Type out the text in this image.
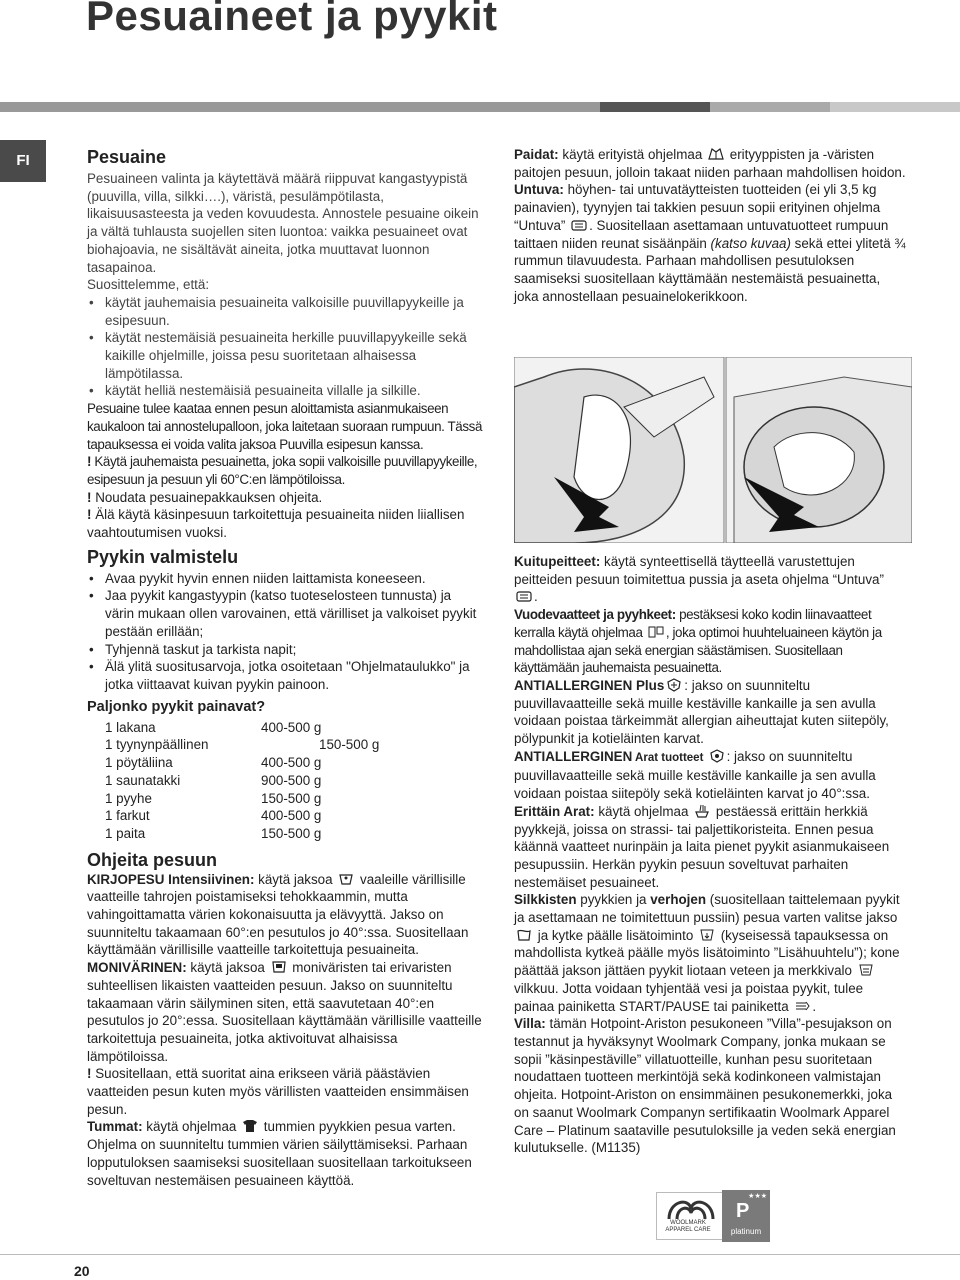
Pesuaineet ja pyykit
FI	Pesuaine

Pesuaineen valinta ja käytettävä määrä riippuvat kangastyypistä (puuvilla, villa, silkki….), väristä, pesulämpötilasta, likaisuusasteesta ja veden kovuudesta. Annostele pesuaine oikein ja vältä tuhlausta suojellen siten luontoa: vaikka pesuaineet ovat biohajoavia, ne sisältävät aineita, jotka muuttavat luonnon tasapainoa.

Suosittelemme, että:

• käytät jauhemaisia pesuaineita valkoisille puuvillapyykeille ja esipesuun.
• käytät nestemäisiä pesuaineita herkille puuvillapyykeille sekä kaikille ohjelmille, joissa pesu suoritetaan alhaisessa lämpötilassa.
• käytät helliä nestemäisiä pesuaineita villalle ja silkille.

Pesuaine tulee kaataa ennen pesun aloittamista asianmukaiseen kaukaloon tai annostelupalloon, joka laitetaan suoraan rumpuun. Tässä tapauksessa ei voida valita jaksoa Puuvilla esipesun kanssa.

! Käytä jauhemaista pesuainetta, joka sopii valkoisille puuvillapyykeille, esipesuun ja pesuun yli 60°C:en lämpötiloissa.

! Noudata pesuainepakkauksen ohjeita.

! Älä käytä käsinpesuun tarkoitettuja pesuaineita niiden liiallisen vaahtoutumisen vuoksi.

Pyykin valmistelu
• Avaa pyykit hyvin ennen niiden laittamista koneeseen.
• Jaa pyykit kangastyypin (katso tuoteselosteen tunnusta) ja värin mukaan ollen varovainen, että värilliset ja valkoiset pyykit pestään erillään;
• Tyhjennä taskut ja tarkista napit;
• Älä ylitä suositusarvoja, jotka osoitetaan "Ohjelmataulukko" ja jotka viittaavat kuivan pyykin painoon.
Paljonko pyykit painavat?
1 lakana	400-500 g
1 tyynynpäällinen	150-500 g
1 pöytäliina	400-500 g
1 saunatakki	900-500 g
1 pyyhe	150-500 g
1 farkut	400-500 g
1 paita	150-500 g
Ohjeita pesuun

KIRJOPESU Intensiivinen: käytä jaksoa
vaaleille värillisille vaatteille tahrojen poistamiseksi tehokkaammin, mutta vahingoittamatta värien kokonaisuutta ja elävyyttä. Jakso on suunniteltu takaamaan 60°:en pesutulos jo 40°:ssa. Suositellaan käyttämään värillisille vaatteille tarkoitettuja pesuaineita.

MONIVÄRINEN: käytä jaksoa
moniväristen tai erivaristen suhteellisen likaisten vaatteiden pesuun. Jakso on suunniteltu takaamaan värin säilyminen siten, että saavutetaan 40°:en pesutulos jo 20°:essa. Suositellaan käyttämään värillisille vaatteille tarkoitettuja pesuaineita, jotka aktivoituvat alhaisissa lämpötiloissa.

! Suositellaan, että suoritat aina erikseen väriä päästävien vaatteiden pesun kuten myös värillisten vaatteiden ensimmäisen pesun.

Tummat: käytä ohjelmaa
tummien pyykkien pesua varten. Ohjelma on suunniteltu tummien värien säilyttämiseksi. Parhaan lopputuloksen saamiseksi suositellaan suositellaan tarkoitukseen soveltuvan nestemäisen pesuaineen käyttöä.

Paidat: käytä erityistä ohjelmaa
erityyppisten ja -väristen paitojen pesuun, jolloin takaat niiden parhaan mahdollisen hoidon.

Untuva: höyhen- tai untuvatäytteisten tuotteiden (ei yli 3,5 kg painavien), tyynyjen tai takkien pesuun sopii erityinen ohjelma “Untuva”
. Suositellaan asettamaan untuvatuotteet rumpuun taittaen niiden reunat sisäänpäin (katso kuvaa) sekä ettei ylitetä ¾ rummun tilavuudesta. Parhaan mahdollisen pesutuloksen saamiseksi suositellaan käyttämään nestemäistä pesuainetta, joka annostellaan pesuainelokerikkoon.

Kuitupeitteet: käytä synteettisellä täytteellä varustettujen peitteiden pesuun toimitettua pussia ja aseta ohjelma “Untuva”
.

Vuodevaatteet ja pyyhkeet: pestäksesi koko kodin liinavaatteet kerralla käytä ohjelmaa
, joka optimoi huuhteluaineen käytön ja mahdollistaa ajan sekä energian säästämisen. Suositellaan käyttämään jauhemaista pesuainetta.

ANTIALLERGINEN Plus : jakso on suunniteltu puuvillavaatteille sekä muille kestäville kankaille ja sen avulla voidaan poistaa tärkeimmät allergian aiheuttajat kuten siitepöly, pölypunkit ja kotieläinten karvat.

ANTIALLERGINEN Arat tuotteet
: jakso on suunniteltu puuvillavaatteille sekä muille kestäville kankaille ja sen avulla voidaan poistaa siitepöly sekä kotieläinten karvat jo 40°:ssa.

Erittäin Arat: käytä ohjelmaa
pestäessä erittäin herkkiä pyykkejä, joissa on strassi- tai paljettikoristeita. Ennen pesua käännä vaatteet nurinpäin ja laita pienet pyykit asianmukaiseen pesupussiin. Herkän pyykin pesuun soveltuvat parhaiten nestemäiset pesuaineet.

Silkkisten pyykkien ja verhojen (suositellaan taittelemaan pyykit ja asettamaan ne toimitettuun pussiin) pesua varten valitse jakso
ja kytke päälle lisätoiminto
(kyseisessä tapauksessa on mahdollista kytkeä päälle myös lisätoiminto ”Lisähuuhtelu”); kone päättää jakson jättäen pyykit liotaan veteen ja merkkivalo
vilkkuu. Jotta voidaan tyhjentää vesi ja poistaa pyykit, tulee painaa painiketta START/PAUSE tai painiketta
.

Villa: tämän Hotpoint-Ariston pesukoneen ”Villa”-pesujakson on testannut ja hyväksynyt Woolmark Company, jonka mukaan se sopii ”käsinpestäville” villatuotteille, kunhan pesu suoritetaan noudattaen tuotteen merkintöjä sekä kodinkoneen valmistajan ohjeita. Hotpoint-Ariston on ensimmäinen pesukonemerkki, joka on saanut Woolmark Companyn sertifikaatin Woolmark Apparel Care – Platinum saataville pesutuloksille ja veden sekä energian kulutukselle. (M1135)

WOOLMARK APPAREL CARE
★★★
P
platinum
20
